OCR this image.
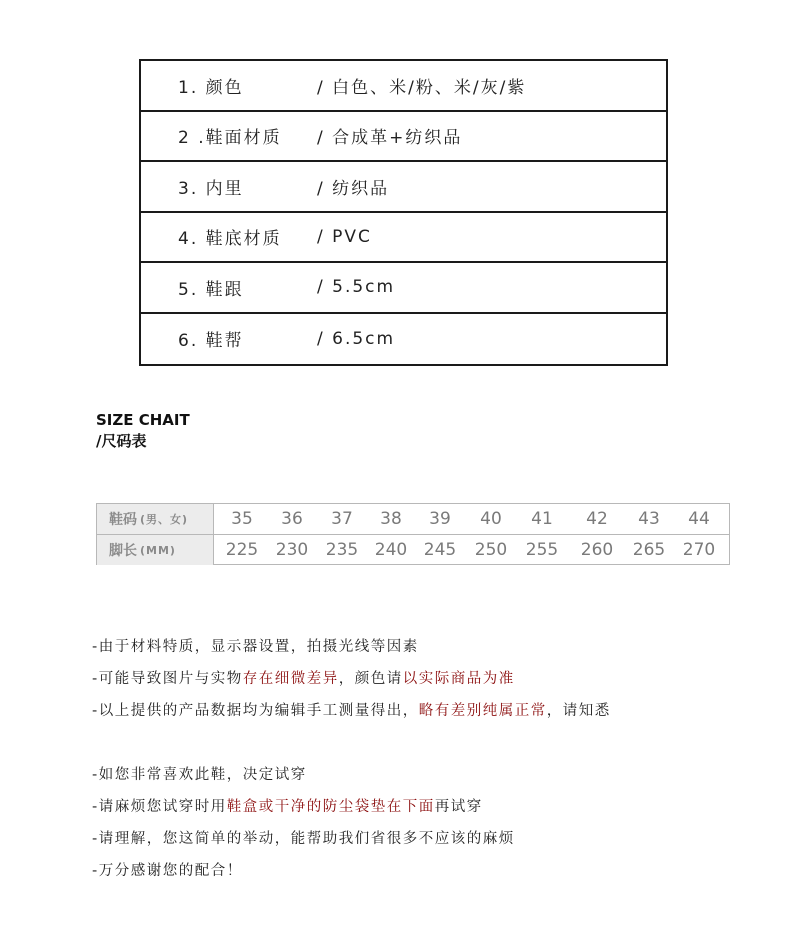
1. 颜色	/ 白色、米/粉、米/灰/紫
2 .鞋面材质	/ 合成革+纺织品
3. 内里	/ 纺织品
4. 鞋底材质	/ PVC
5. 鞋跟	/ 5.5cm
6. 鞋帮	/ 6.5cm
SIZE CHAIT
/尺码表
鞋码 (男、女)	35	36	37	38	39	40	41	42	43	44
脚长 (MM)	225	230	235 240 245	250	255	260	265	270
-由于材料特质，显示器设置，拍摄光线等因素
-可能导致图片与实物存在细微差异，颜色请以实际商品为准
-以上提供的产品数据均为编辑手工测量得出，略有差别纯属正常，请知悉
-如您非常喜欢此鞋，决定试穿
-请麻烦您试穿时用鞋盒或干净的防尘袋垫在下面再试穿
-请理解，您这简单的举动，能帮助我们省很多不应该的麻烦
-万分感谢您的配合！
